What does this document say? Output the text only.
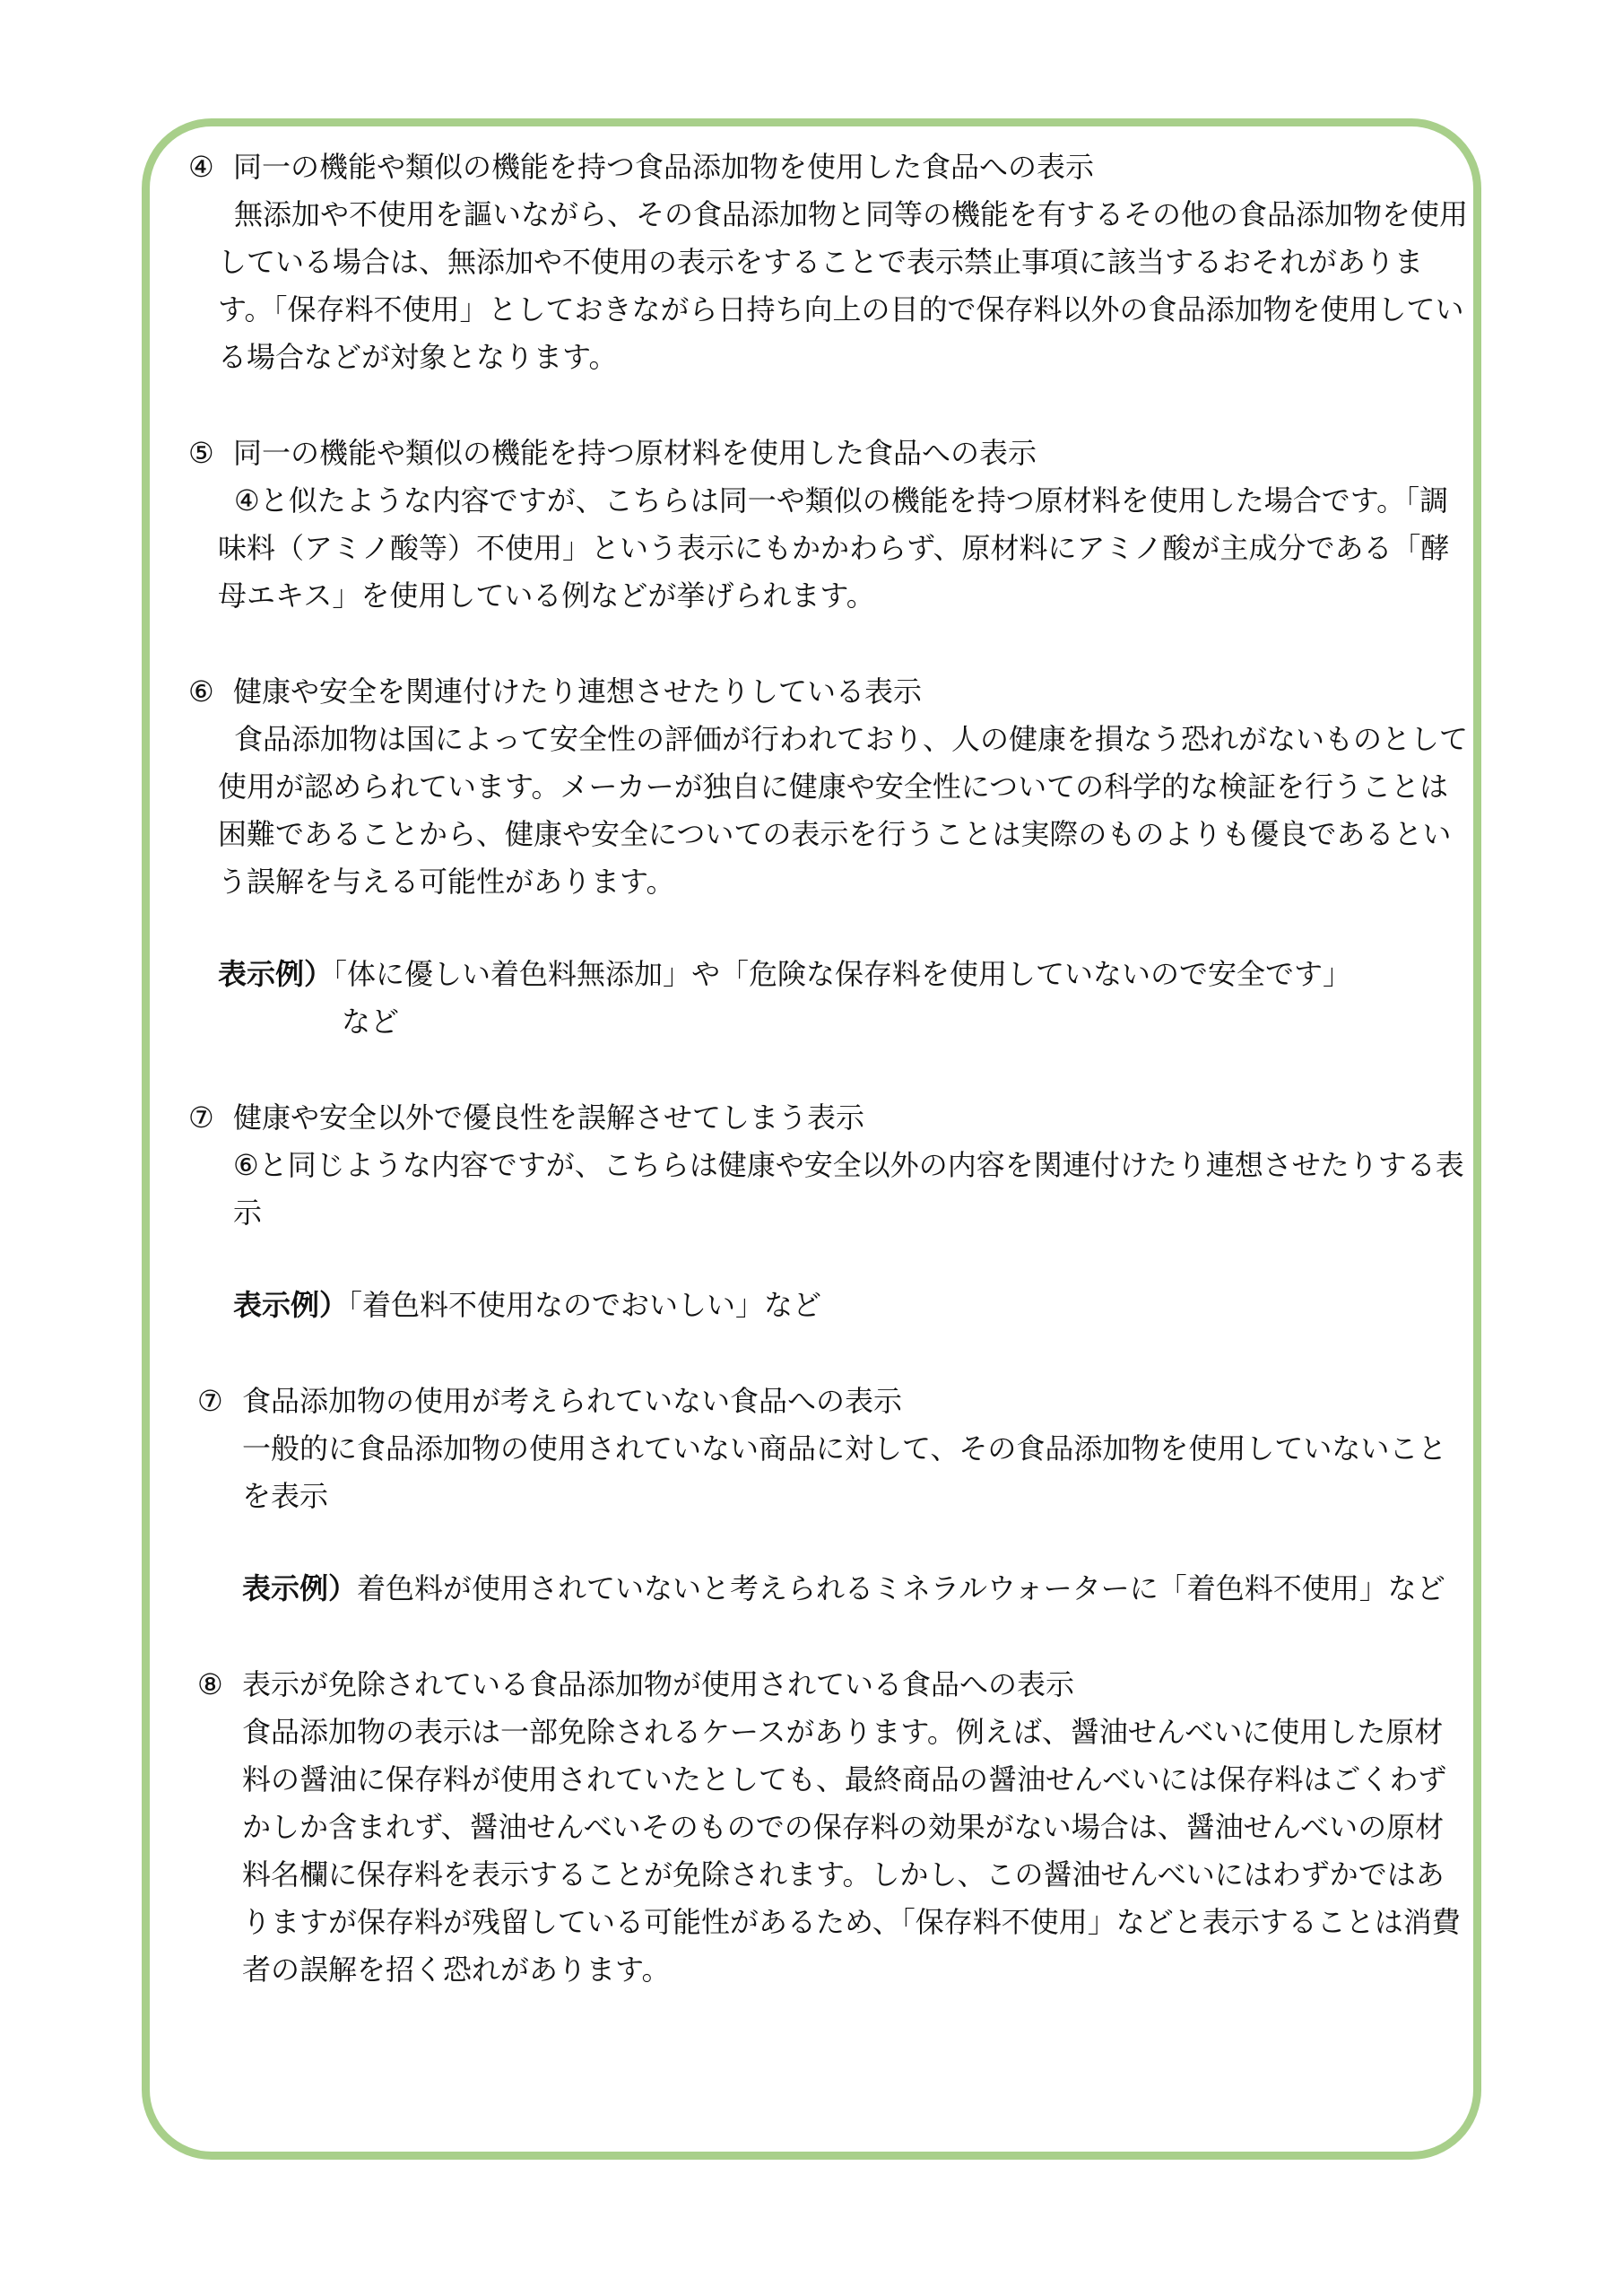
④ 同一の機能や類似の機能を持つ食品添加物を使用した食品への表示
無添加や不使用を謳いながら、その食品添加物と同等の機能を有するその他の食品添加物を使用している場合は、無添加や不使用の表示をすることで表示禁止事項に該当するおそれがあります。「保存料不使用」としておきながら日持ち向上の目的で保存料以外の食品添加物を使用している場合などが対象となります。
⑤ 同一の機能や類似の機能を持つ原材料を使用した食品への表示
④と似たような内容ですが、こちらは同一や類似の機能を持つ原材料を使用した場合です。「調味料（アミノ酸等）不使用」という表示にもかかわらず、原材料にアミノ酸が主成分である「酵母エキス」を使用している例などが挙げられます。
⑥ 健康や安全を関連付けたり連想させたりしている表示
食品添加物は国によって安全性の評価が行われており、人の健康を損なう恐れがないものとして使用が認められています。メーカーが独自に健康や安全性についての科学的な検証を行うことは困難であることから、健康や安全についての表示を行うことは実際のものよりも優良であるという誤解を与える可能性があります。
表示例）「体に優しい着色料無添加」や「危険な保存料を使用していないので安全です」
など
⑦ 健康や安全以外で優良性を誤解させてしまう表示
⑥と同じような内容ですが、こちらは健康や安全以外の内容を関連付けたり連想させたりする表示
表示例）「着色料不使用なのでおいしい」など
⑦ 食品添加物の使用が考えられていない食品への表示
一般的に食品添加物の使用されていない商品に対して、その食品添加物を使用していないことを表示
表示例）着色料が使用されていないと考えられるミネラルウォーターに「着色料不使用」など
⑧ 表示が免除されている食品添加物が使用されている食品への表示
食品添加物の表示は一部免除されるケースがあります。例えば、醤油せんべいに使用した原材料の醤油に保存料が使用されていたとしても、最終商品の醤油せんべいには保存料はごくわずかしか含まれず、醤油せんべいそのものでの保存料の効果がない場合は、醤油せんべいの原材料名欄に保存料を表示することが免除されます。しかし、この醤油せんべいにはわずかではありますが保存料が残留している可能性があるため、「保存料不使用」などと表示することは消費者の誤解を招く恐れがあります。
